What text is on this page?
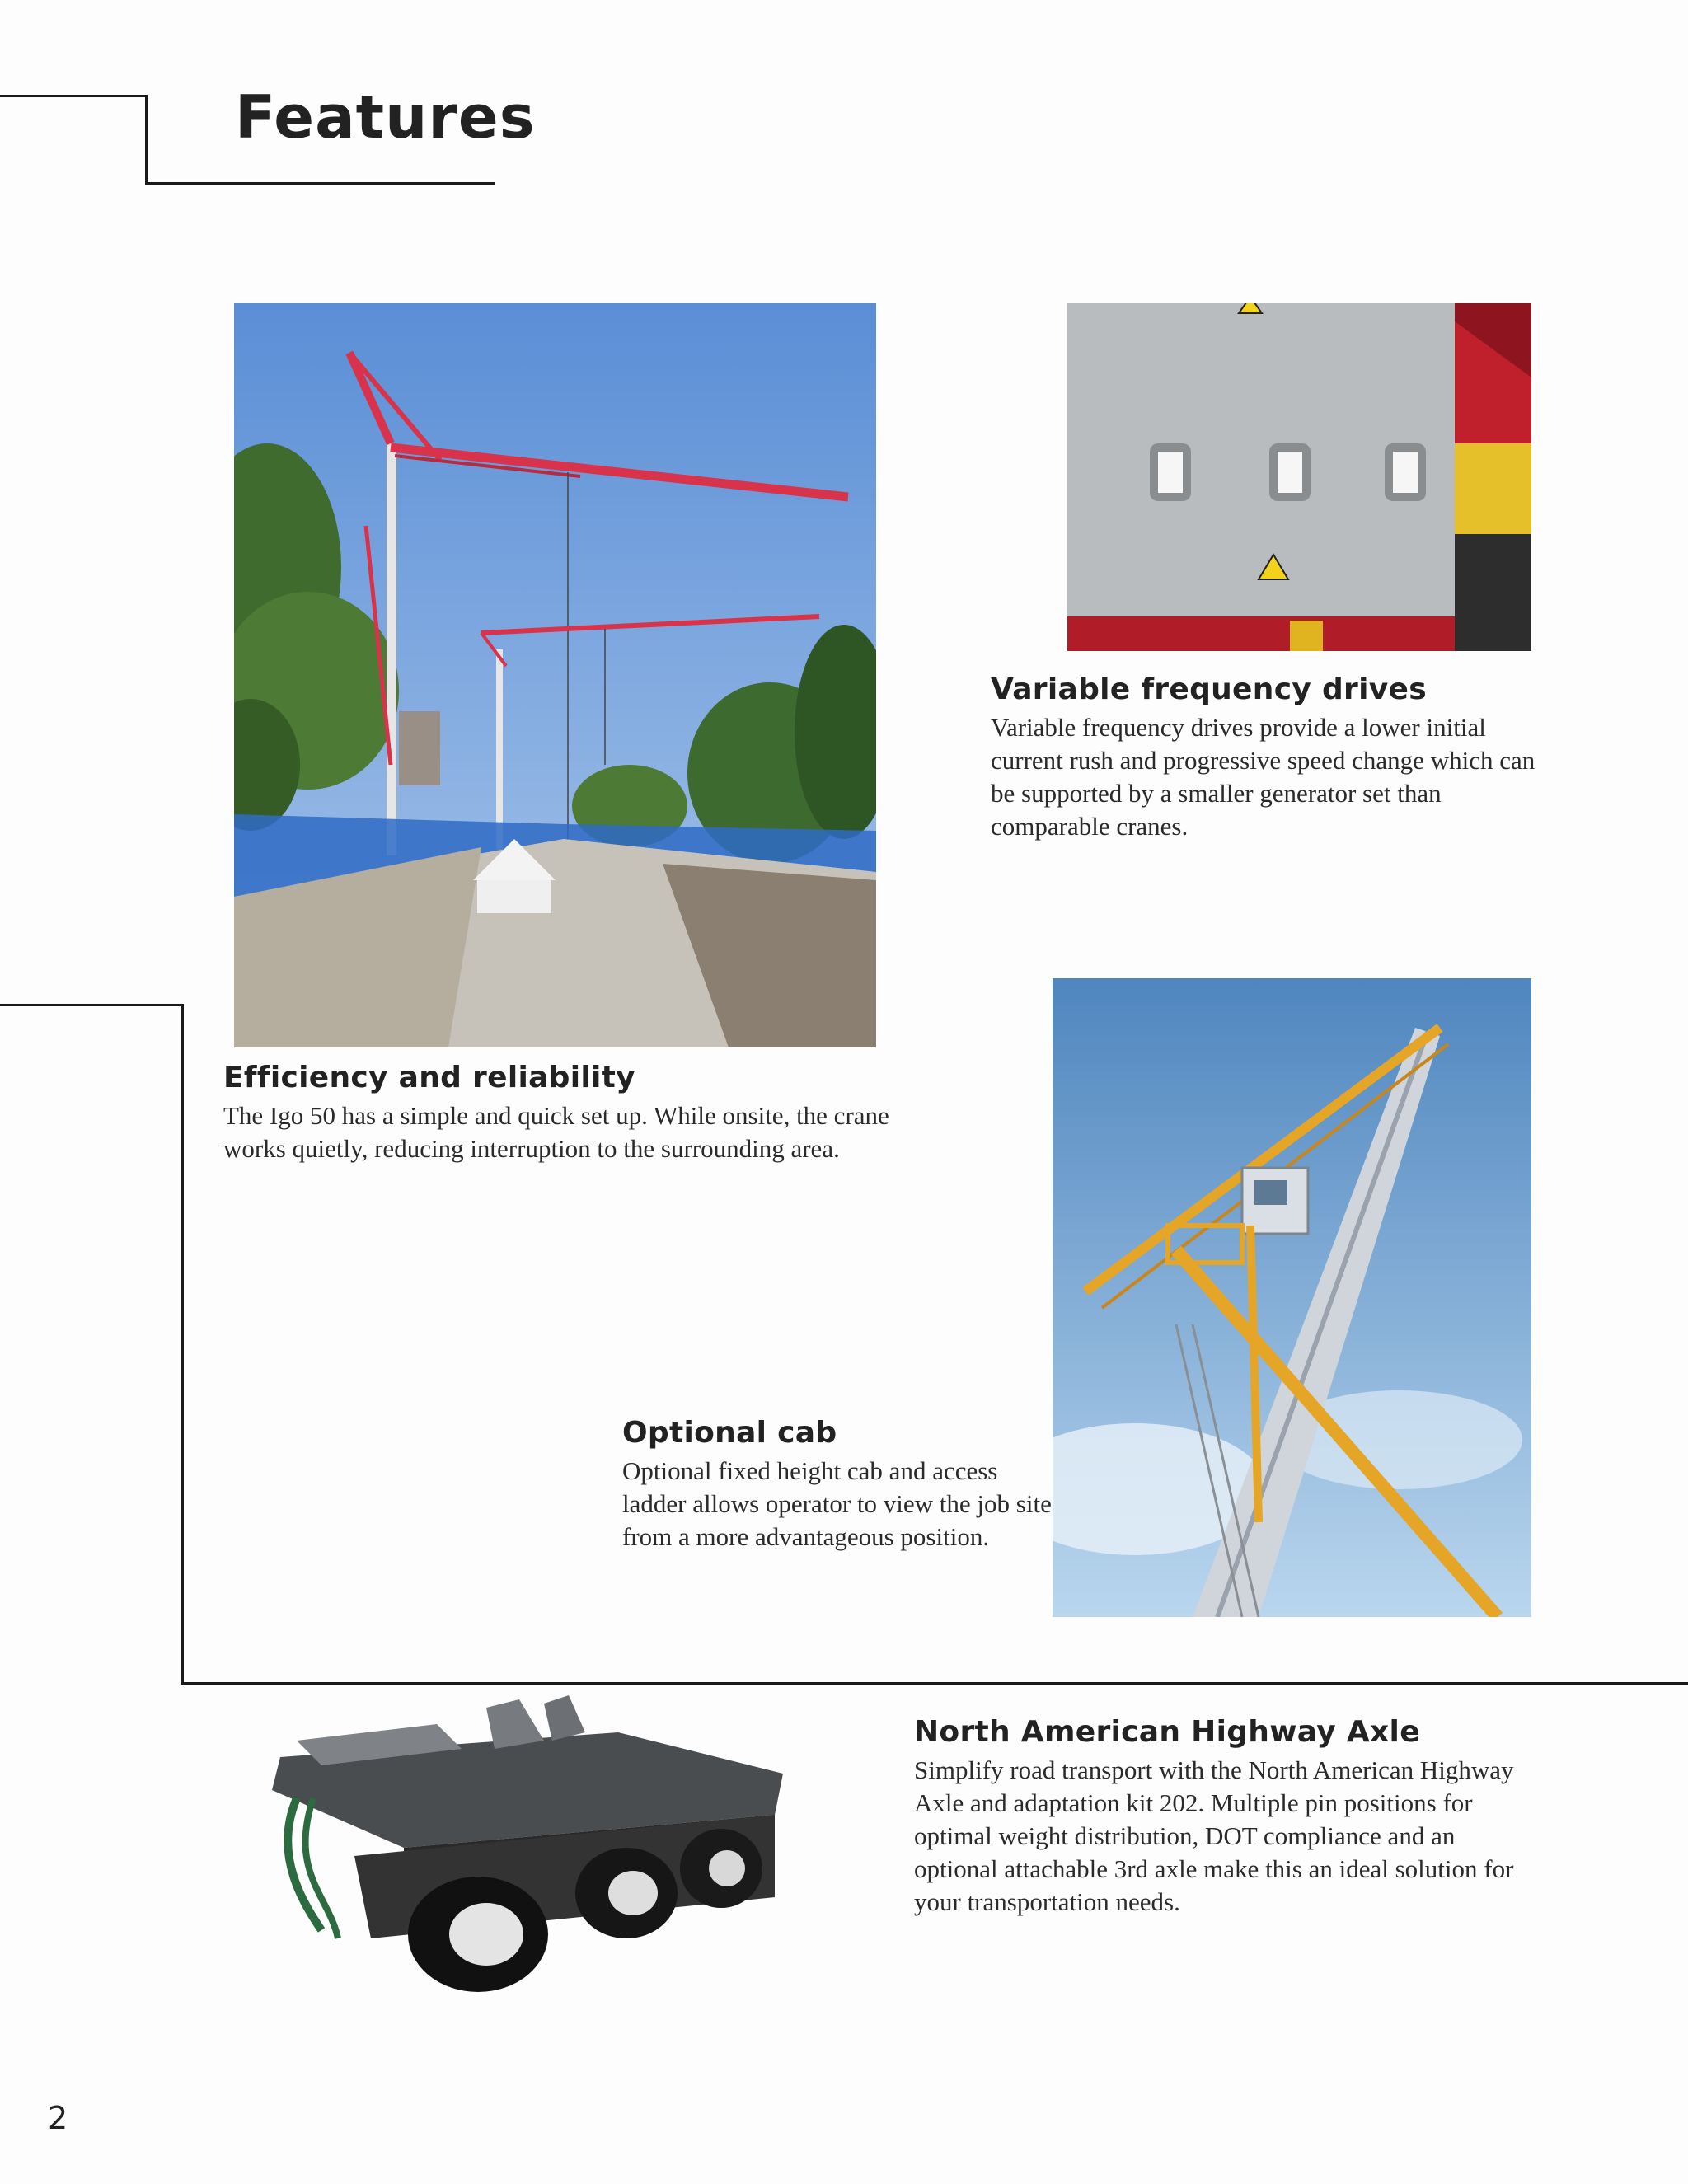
Features
Variable frequency drives

Variable frequency drives provide a lower initial current rush and progressive speed change which can be supported by a smaller generator set than comparable cranes.

Efficiency and reliability

The Igo 50 has a simple and quick set up. While onsite, the crane works quietly, reducing interruption to the surrounding area.

Optional cab

Optional fixed height cab and access ladder allows operator to view the job site from a more advantageous position.

North American Highway Axle

Simplify road transport with the North American Highway Axle and adaptation kit 202. Multiple pin positions for optimal weight distribution, DOT compliance and an optional attachable 3rd axle make this an ideal solution for your transportation needs.

2
